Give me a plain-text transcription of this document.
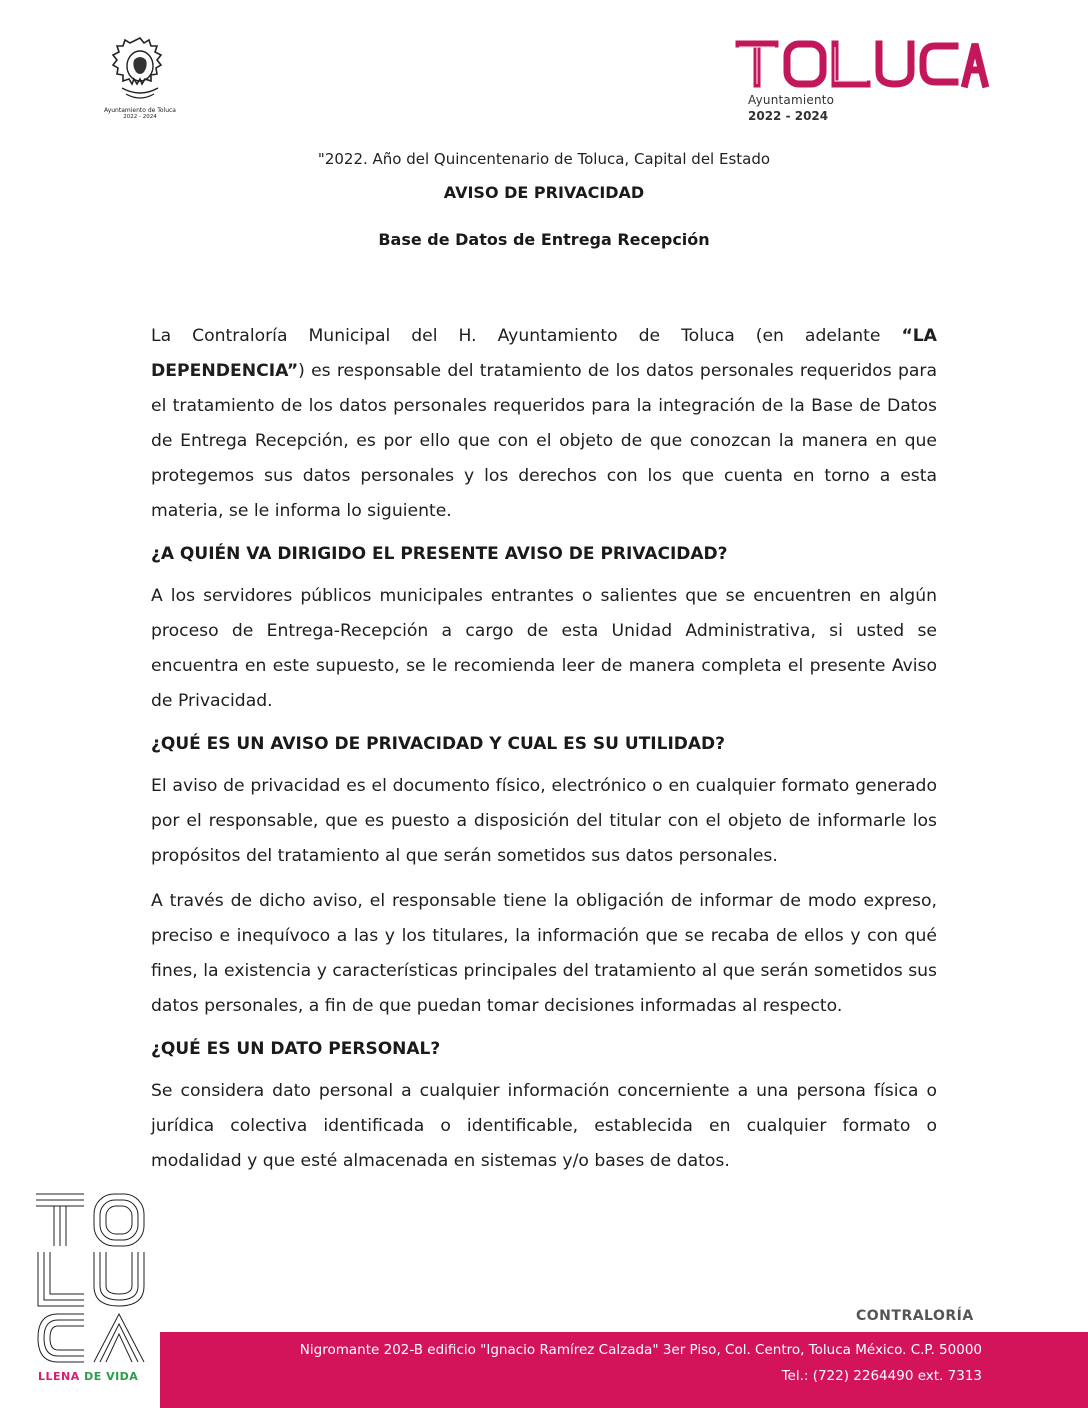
Ayuntamiento de Toluca
2022 - 2024
Ayuntamiento
2022 - 2024
"2022. Año del Quincentenario de Toluca, Capital del Estado
AVISO DE PRIVACIDAD
Base de Datos de Entrega Recepción

La Contraloría Municipal del H. Ayuntamiento de Toluca (en adelante “LA DEPENDENCIA”) es responsable del tratamiento de los datos personales requeridos para el tratamiento de los datos personales requeridos para la integración de la Base de Datos de Entrega Recepción, es por ello que con el objeto de que conozcan la manera en que protegemos sus datos personales y los derechos con los que cuenta en torno a esta materia, se le informa lo siguiente.

¿A QUIÉN VA DIRIGIDO EL PRESENTE AVISO DE PRIVACIDAD?

A los servidores públicos municipales entrantes o salientes que se encuentren en algún proceso de Entrega-Recepción a cargo de esta Unidad Administrativa, si usted se encuentra en este supuesto, se le recomienda leer de manera completa el presente Aviso de Privacidad.

¿QUÉ ES UN AVISO DE PRIVACIDAD Y CUAL ES SU UTILIDAD?

El aviso de privacidad es el documento físico, electrónico o en cualquier formato generado por el responsable, que es puesto a disposición del titular con el objeto de informarle los propósitos del tratamiento al que serán sometidos sus datos personales.

A través de dicho aviso, el responsable tiene la obligación de informar de modo expreso, preciso e inequívoco a las y los titulares, la información que se recaba de ellos y con qué fines, la existencia y características principales del tratamiento al que serán sometidos sus datos personales, a fin de que puedan tomar decisiones informadas al respecto.

¿QUÉ ES UN DATO PERSONAL?

Se considera dato personal a cualquier información concerniente a una persona física o jurídica colectiva identificada o identificable, establecida en cualquier formato o modalidad y que esté almacenada en sistemas y/o bases de datos.

LLENA DE VIDA
CONTRALORÍA
Nigromante 202-B edificio "Ignacio Ramírez Calzada" 3er Piso, Col. Centro, Toluca México. C.P. 50000
Tel.: (722) 2264490 ext. 7313
